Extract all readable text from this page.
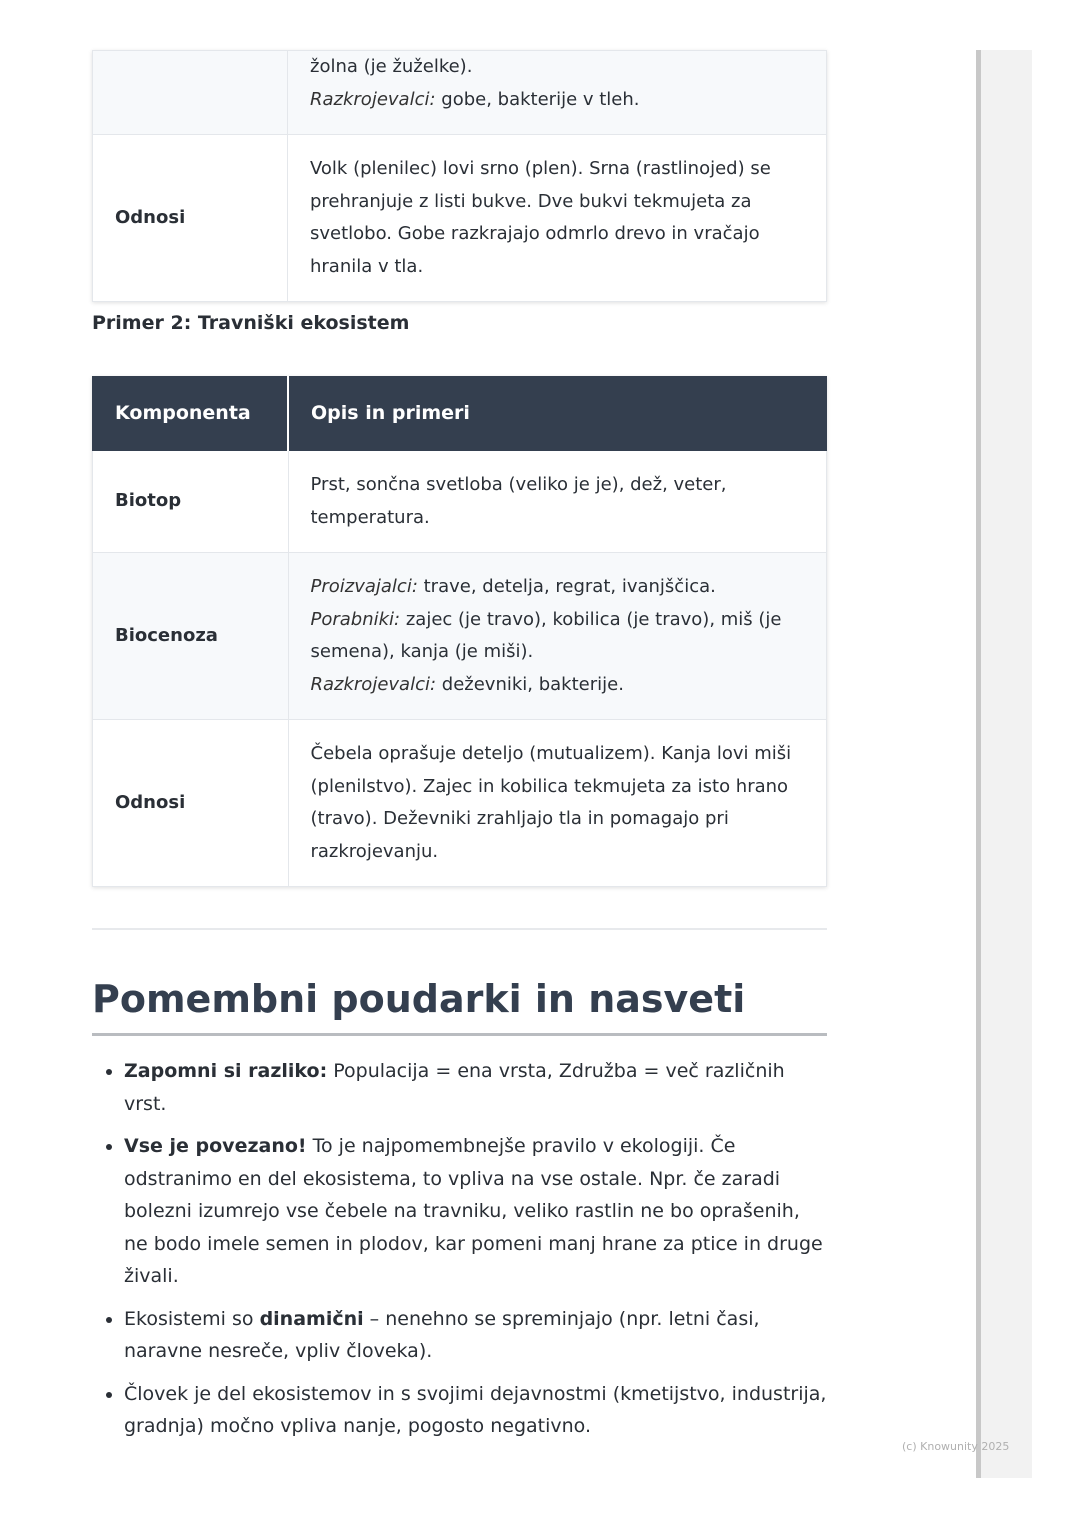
	žolna (je žuželke).
Razkrojevalci: gobe, bakterije v tleh.
Odnosi	Volk (plenilec) lovi srno (plen). Srna (rastlinojed) se prehranjuje z listi bukve. Dve bukvi tekmujeta za svetlobo. Gobe razkrajajo odmrlo drevo in vračajo hranila v tla.
Primer 2: Travniški ekosistem
Komponenta	Opis in primeri
Biotop	Prst, sončna svetloba (veliko je je), dež, veter, temperatura.
Biocenoza	Proizvajalci: trave, detelja, regrat, ivanjščica.
Porabniki: zajec (je travo), kobilica (je travo), miš (je semena), kanja (je miši).
Razkrojevalci: deževniki, bakterije.
Odnosi	Čebela oprašuje deteljo (mutualizem). Kanja lovi miši (plenilstvo). Zajec in kobilica tekmujeta za isto hrano (travo). Deževniki zrahljajo tla in pomagajo pri razkrojevanju.
Pomembni poudarki in nasveti
• Zapomni si razliko: Populacija = ena vrsta, Združba = več različnih vrst.
• Vse je povezano! To je najpomembnejše pravilo v ekologiji. Če odstranimo en del ekosistema, to vpliva na vse ostale. Npr. če zaradi bolezni izumrejo vse čebele na travniku, veliko rastlin ne bo oprašenih, ne bodo imele semen in plodov, kar pomeni manj hrane za ptice in druge živali.
• Ekosistemi so dinamični – nenehno se spreminjajo (npr. letni časi, naravne nesreče, vpliv človeka).
• Človek je del ekosistemov in s svojimi dejavnostmi (kmetijstvo, industrija, gradnja) močno vpliva nanje, pogosto negativno.
(c) Knowunity 2025
